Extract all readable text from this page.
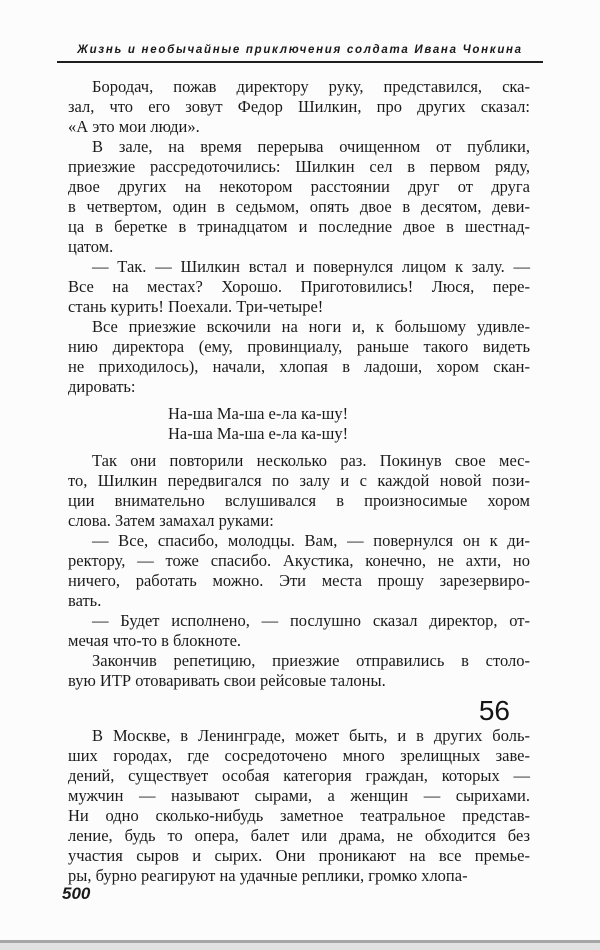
Жизнь и необычайные приключения солдата Ивана Чонкина
Бородач, пожав директору руку, представился, ска-
зал, что его зовут Федор Шилкин, про других сказал:
«А это мои люди».
В зале, на время перерыва очищенном от публики,
приезжие рассредоточились: Шилкин сел в первом ряду,
двое других на некотором расстоянии друг от друга
в четвертом, один в седьмом, опять двое в десятом, деви-
ца в беретке в тринадцатом и последние двое в шестнад-
цатом.
— Так. — Шилкин встал и повернулся лицом к залу. —
Все на местах? Хорошо. Приготовились! Люся, пере-
стань курить! Поехали. Три-четыре!
Все приезжие вскочили на ноги и, к большому удивле-
нию директора (ему, провинциалу, раньше такого видеть
не приходилось), начали, хлопая в ладоши, хором скан-
дировать:
На-ша Ма-ша е-ла ка-шу!
На-ша Ма-ша е-ла ка-шу!
Так они повторили несколько раз. Покинув свое мес-
то, Шилкин передвигался по залу и с каждой новой пози-
ции внимательно вслушивался в произносимые хором
слова. Затем замахал руками:
— Все, спасибо, молодцы. Вам, — повернулся он к ди-
ректору, — тоже спасибо. Акустика, конечно, не ахти, но
ничего, работать можно. Эти места прошу зарезервиро-
вать.
— Будет исполнено, — послушно сказал директор, от-
мечая что-то в блокноте.
Закончив репетицию, приезжие отправились в столо-
вую ИТР отоваривать свои рейсовые талоны.
56
В Москве, в Ленинграде, может быть, и в других боль-
ших городах, где сосредоточено много зрелищных заве-
дений, существует особая категория граждан, которых —
мужчин — называют сырами, а женщин — сырихами.
Ни одно сколько-нибудь заметное театральное представ-
ление, будь то опера, балет или драма, не обходится без
участия сыров и сырих. Они проникают на все премье-
ры, бурно реагируют на удачные реплики, громко хлопа-
500
